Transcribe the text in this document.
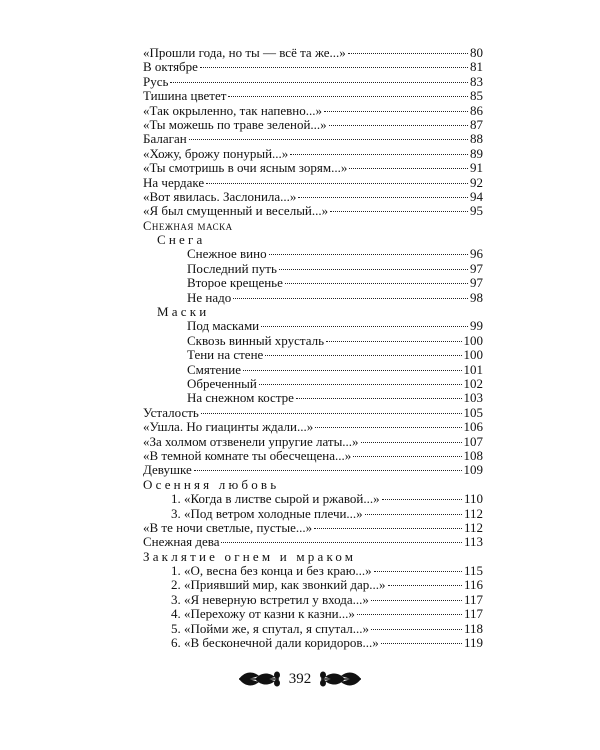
«Прошли года, но ты — всё та же...»	80
В октябре	81
Русь	83
Тишина цветет	85
«Так окрыленно, так напевно...»	86
«Ты можешь по траве зеленой...»	87
Балаган	88
«Хожу, брожу понурый...»	89
«Ты смотришь в очи ясным зорям...»	91
На чердаке	92
«Вот явилась. Заслонила...»	94
«Я был смущенный и веселый...»	95
Снежная маска
Снега
Снежное вино	96
Последний путь	97
Второе крещенье	97
Не надо	98
Маски
Под масками	99
Сквозь винный хрусталь	100
Тени на стене	100
Смятение	101
Обреченный	102
На снежном костре	103
Усталость	105
«Ушла. Но гиацинты ждали...»	106
«За холмом отзвенели упругие латы...»	107
«В темной комнате ты обесчещена...»	108
Девушке	109
Осенняя любовь
1. «Когда в листве сырой и ржавой...»	110
3. «Под ветром холодные плечи...»	112
«В те ночи светлые, пустые...»	112
Снежная дева	113
Заклятие огнем и мраком
1. «О, весна без конца и без краю...»	115
2. «Приявший мир, как звонкий дар...»	116
3. «Я неверную встретил у входа...»	117
4. «Перехожу от казни к казни...»	117
5. «Пойми же, я спутал, я спутал...»	118
6. «В бесконечной дали коридоров...»	119
392
